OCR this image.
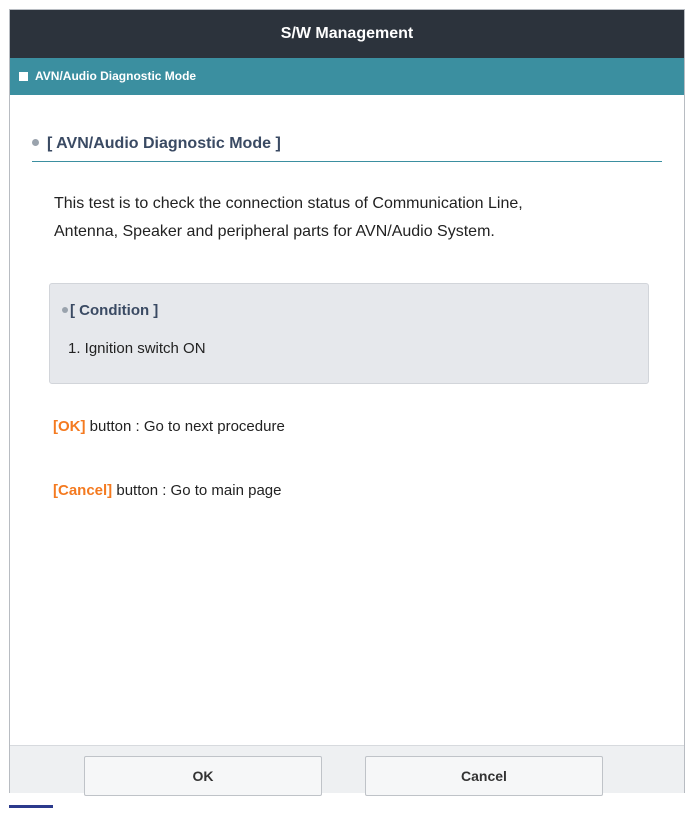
S/W Management
AVN/Audio Diagnostic Mode
[ AVN/Audio Diagnostic Mode ]
This test is to check the connection status of Communication Line,
Antenna, Speaker and peripheral parts for AVN/Audio System.
[ Condition ]
1. Ignition switch ON
[OK] button : Go to next procedure
[Cancel] button : Go to main page
OK	Cancel
